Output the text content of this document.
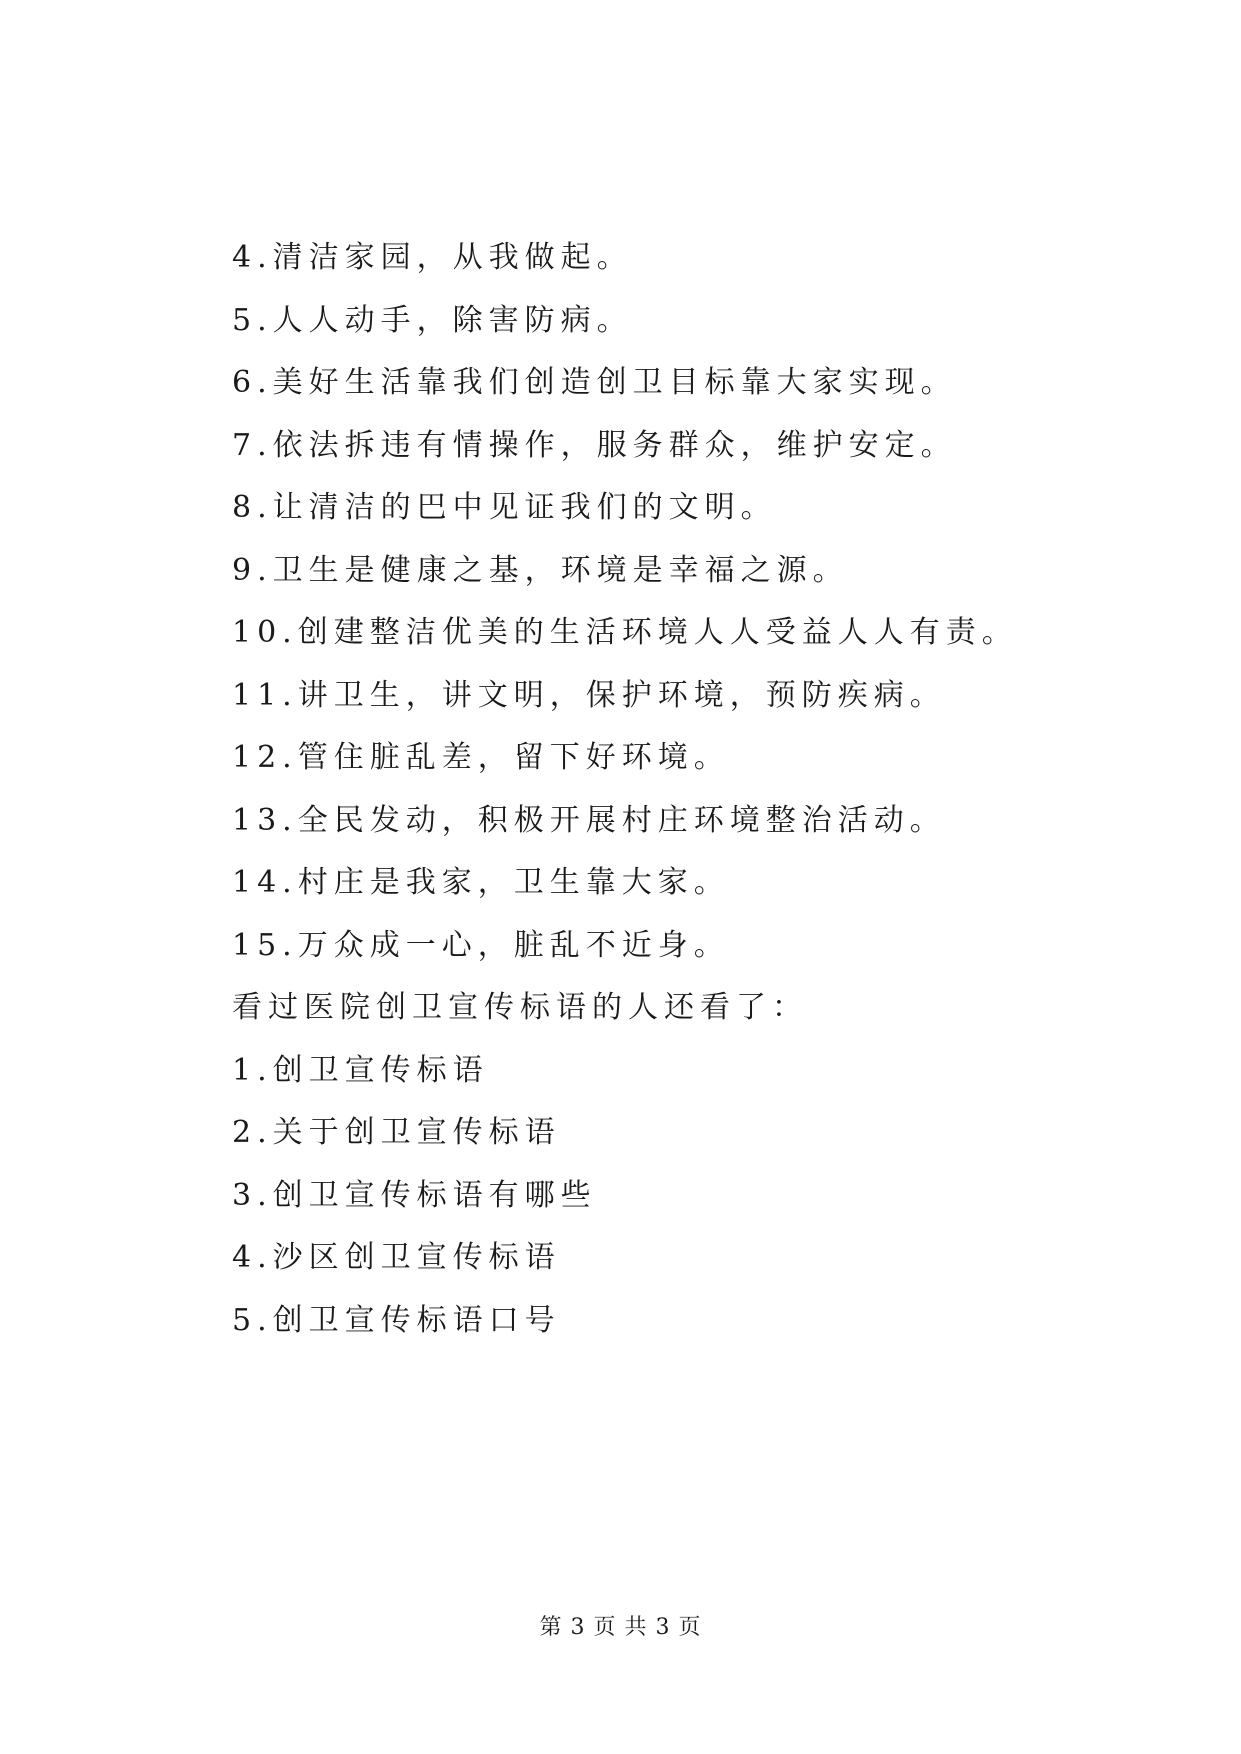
4.清洁家园，从我做起。
5.人人动手，除害防病。
6.美好生活靠我们创造创卫目标靠大家实现。
7.依法拆违有情操作，服务群众，维护安定。
8.让清洁的巴中见证我们的文明。
9.卫生是健康之基，环境是幸福之源。
10.创建整洁优美的生活环境人人受益人人有责。
11.讲卫生，讲文明，保护环境，预防疾病。
12.管住脏乱差，留下好环境。
13.全民发动，积极开展村庄环境整治活动。
14.村庄是我家，卫生靠大家。
15.万众成一心，脏乱不近身。
看过医院创卫宣传标语的人还看了：
1.创卫宣传标语
2.关于创卫宣传标语
3.创卫宣传标语有哪些
4.沙区创卫宣传标语
5.创卫宣传标语口号
第 3 页 共 3 页
